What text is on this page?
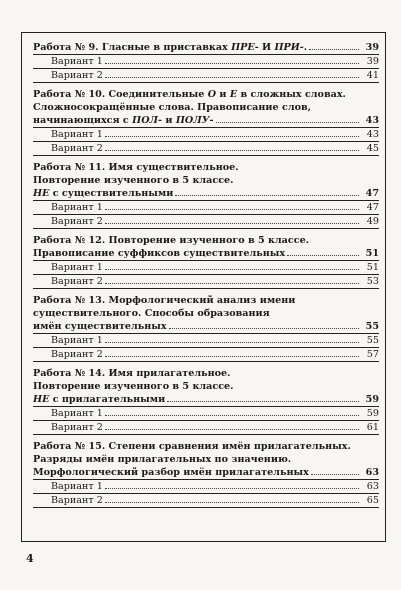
Работа № 9. Гласные в приставках ПРЕ- И ПРИ-.	39
Вариант 1	39
Вариант 2	41
Работа № 10. Соединительные О и Е в сложных словах.
Сложносокращённые слова. Правописание слов,
начинающихся с ПОЛ- и ПОЛУ-	43
Вариант 1	43
Вариант 2	45
Работа № 11. Имя существительное.
Повторение изученного в 5 классе.
НЕ с существительными	47
Вариант 1	47
Вариант 2	49
Работа № 12. Повторение изученного в 5 классе.
Правописание суффиксов существительных	51
Вариант 1	51
Вариант 2	53
Работа № 13. Морфологический анализ имени
существительного. Способы образования
имён существительных	55
Вариант 1	55
Вариант 2	57
Работа № 14. Имя прилагательное.
Повторение изученного в 5 классе.
НЕ с прилагательными	59
Вариант 1	59
Вариант 2	61
Работа № 15. Степени сравнения имён прилагательных.
Разряды имён прилагательных по значению.
Морфологический разбор имён прилагательных	63
Вариант 1	63
Вариант 2	65
4
